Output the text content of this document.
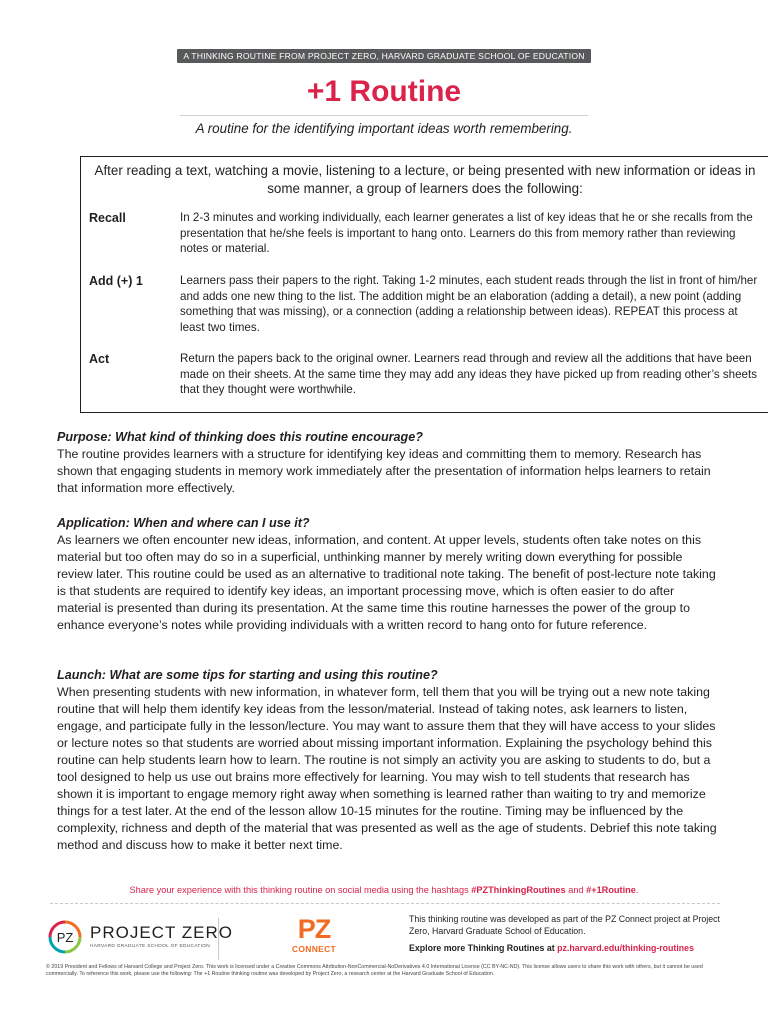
A THINKING ROUTINE FROM PROJECT ZERO, HARVARD GRADUATE SCHOOL OF EDUCATION
+1 Routine
A routine for the identifying important ideas worth remembering.
After reading a text, watching a movie, listening to a lecture, or being presented with new information or ideas in some manner, a group of learners does the following:
Recall	In 2-3 minutes and working individually, each learner generates a list of key ideas that he or she recalls from the presentation that he/she feels is important to hang onto. Learners do this from memory rather than reviewing notes or material.
Add (+) 1	Learners pass their papers to the right. Taking 1-2 minutes, each student reads through the list in front of him/her and adds one new thing to the list. The addition might be an elaboration (adding a detail), a new point (adding something that was missing), or a connection (adding a relationship between ideas). REPEAT this process at least two times.
Act	Return the papers back to the original owner. Learners read through and review all the additions that have been made on their sheets. At the same time they may add any ideas they have picked up from reading other’s sheets that they thought were worthwhile.

Purpose: What kind of thinking does this routine encourage?

The routine provides learners with a structure for identifying key ideas and committing them to memory. Research has shown that engaging students in memory work immediately after the presentation of information helps learners to retain that information more effectively.

Application: When and where can I use it?

As learners we often encounter new ideas, information, and content. At upper levels, students often take notes on this material but too often may do so in a superficial, unthinking manner by merely writing down everything for possible review later. This routine could be used as an alternative to traditional note taking. The benefit of post-lecture note taking is that students are required to identify key ideas, an important processing move, which is often easier to do after material is presented than during its presentation. At the same time this routine harnesses the power of the group to enhance everyone’s notes while providing individuals with a written record to hang onto for future reference.

Launch: What are some tips for starting and using this routine?

When presenting students with new information, in whatever form, tell them that you will be trying out a new note taking routine that will help them identify key ideas from the lesson/material. Instead of taking notes, ask learners to listen, engage, and participate fully in the lesson/lecture. You may want to assure them that they will have access to your slides or lecture notes so that students are worried about missing important information. Explaining the psychology behind this routine can help students learn how to learn. The routine is not simply an activity you are asking to students to do, but a tool designed to help us use out brains more effectively for learning. You may wish to tell students that research has shown it is important to engage memory right away when something is learned rather than waiting to try and memorize things for a test later. At the end of the lesson allow 10-15 minutes for the routine. Timing may be influenced by the complexity, richness and depth of the material that was presented as well as the age of students. Debrief this note taking method and discuss how to make it better next time.

Share your experience with this thinking routine on social media using the hashtags #PZThinkingRoutines and #+1Routine.
PZ PROJECT ZERO
HARVARD GRADUATE SCHOOL OF EDUCATION
PZ
CONNECT
This thinking routine was developed as part of the PZ Connect project at Project Zero, Harvard Graduate School of Education.
Explore more Thinking Routines at pz.harvard.edu/thinking-routines
© 2019 President and Fellows of Harvard College and Project Zero. This work is licensed under a Creative Commons Attribution-NonCommercial-NoDerivatives 4.0 International License (CC BY-NC-ND). This license allows users to share this work with others, but it cannot be used commercially. To reference this work, please use the following: The +1 Routine thinking routine was developed by Project Zero, a research center at the Harvard Graduate School of Education.
